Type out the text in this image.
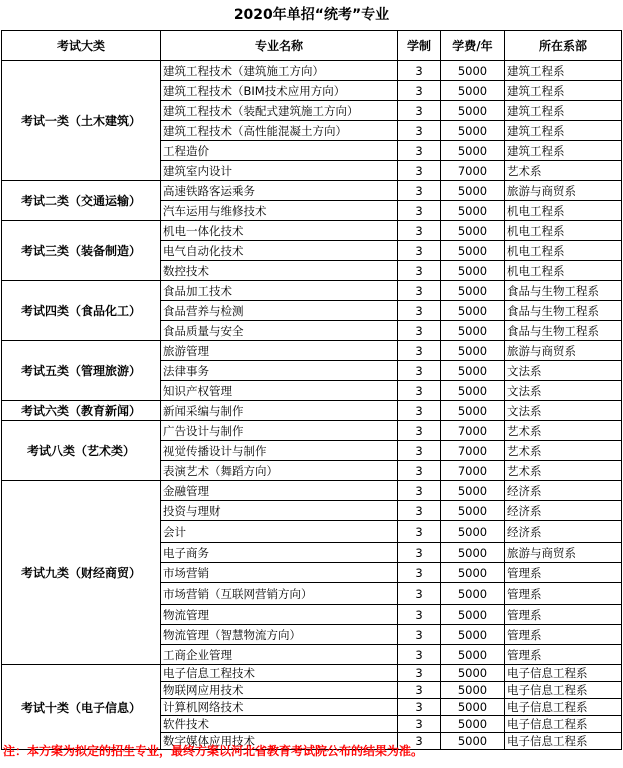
2020年单招“统考”专业
考试大类	专业名称	学制	学费/年	所在系部
考试一类（土木建筑）	建筑工程技术（建筑施工方向）	3	5000	建筑工程系
	建筑工程技术（BIM技术应用方向）	3	5000	建筑工程系
	建筑工程技术（装配式建筑施工方向）	3	5000	建筑工程系
	建筑工程技术（高性能混凝土方向）	3	5000	建筑工程系
	工程造价	3	5000	建筑工程系
	建筑室内设计	3	7000	艺术系
考试二类（交通运输）	高速铁路客运乘务	3	5000	旅游与商贸系
	汽车运用与维修技术	3	5000	机电工程系
考试三类（装备制造）	机电一体化技术	3	5000	机电工程系
	电气自动化技术	3	5000	机电工程系
	数控技术	3	5000	机电工程系
考试四类（食品化工）	食品加工技术	3	5000	食品与生物工程系
	食品营养与检测	3	5000	食品与生物工程系
	食品质量与安全	3	5000	食品与生物工程系
考试五类（管理旅游）	旅游管理	3	5000	旅游与商贸系
	法律事务	3	5000	文法系
	知识产权管理	3	5000	文法系
考试六类（教育新闻）	新闻采编与制作	3	5000	文法系
考试八类（艺术类）	广告设计与制作	3	7000	艺术系
	视觉传播设计与制作	3	7000	艺术系
	表演艺术（舞蹈方向）	3	7000	艺术系
考试九类（财经商贸）	金融管理	3	5000	经济系
	投资与理财	3	5000	经济系
	会计	3	5000	经济系
	电子商务	3	5000	旅游与商贸系
	市场营销	3	5000	管理系
	市场营销（互联网营销方向）	3	5000	管理系
	物流管理	3	5000	管理系
	物流管理（智慧物流方向）	3	5000	管理系
	工商企业管理	3	5000	管理系
考试十类（电子信息）	电子信息工程技术	3	5000	电子信息工程系
	物联网应用技术	3	5000	电子信息工程系
	计算机网络技术	3	5000	电子信息工程系
	软件技术	3	5000	电子信息工程系
	数字媒体应用技术	3	5000	电子信息工程系
注：本方案为拟定的招生专业，最终方案以河北省教育考试院公布的结果为准。
